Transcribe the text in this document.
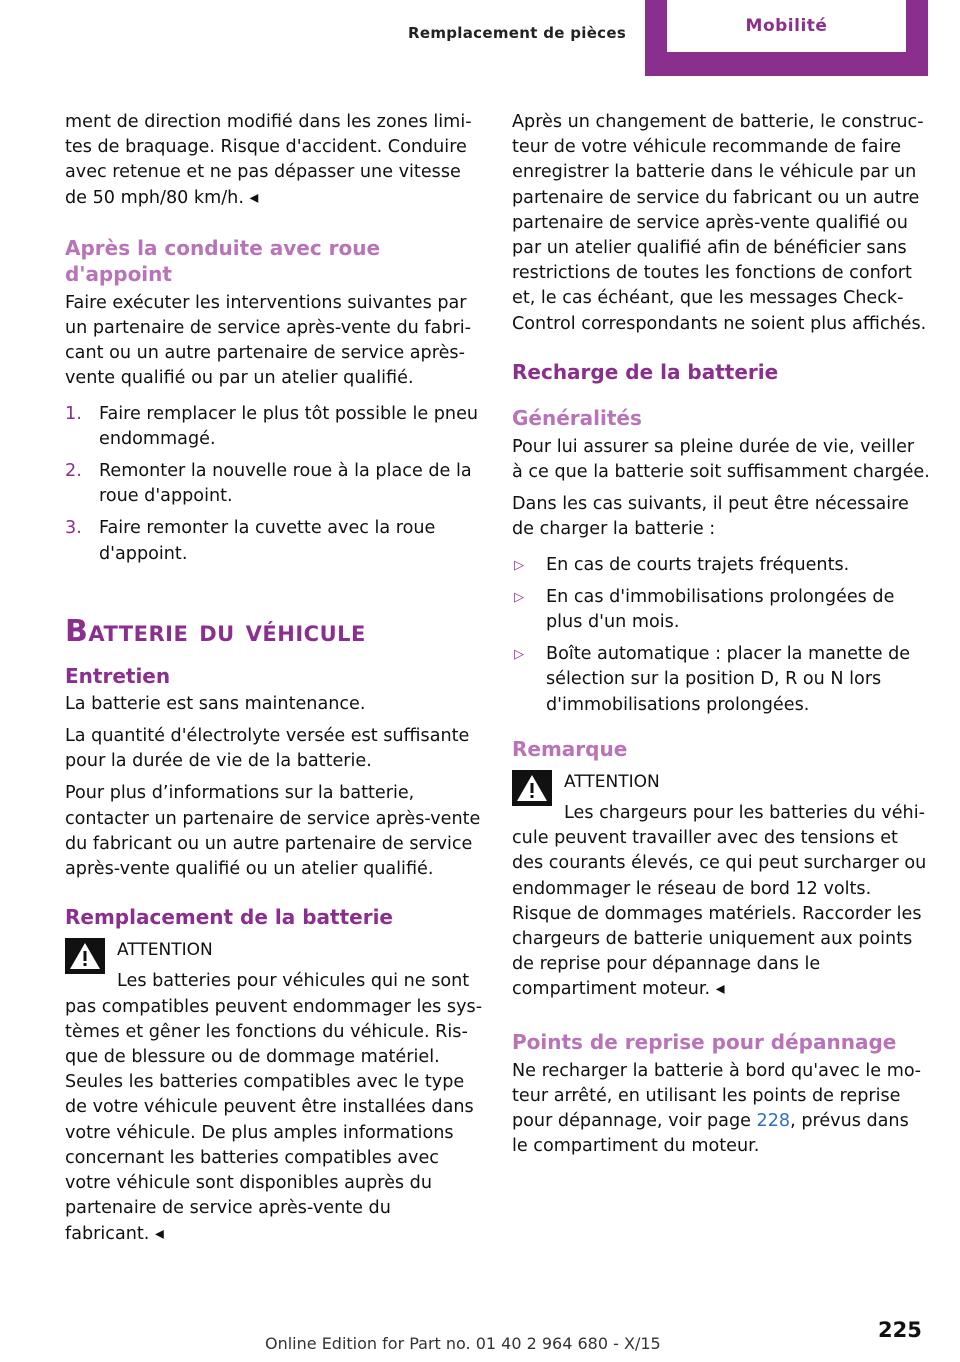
Remplacement de pièces	Mobilité

ment de direction modifié dans les zones limites de braquage. Risque d'accident. Conduire avec retenue et ne pas dépasser une vitesse de 50 mph/80 km/h. ◂

Après la conduite avec roue d'appoint

Faire exécuter les interventions suivantes par un partenaire de service après-vente du fabricant ou un autre partenaire de service après-vente qualifié ou par un atelier qualifié.

1. Faire remplacer le plus tôt possible le pneu endommagé.
2. Remonter la nouvelle roue à la place de la roue d'appoint.
3. Faire remonter la cuvette avec la roue d'appoint.
Batterie du véhicule
Entretien

La batterie est sans maintenance.

La quantité d'électrolyte versée est suffisante pour la durée de vie de la batterie.

Pour plus d’informations sur la batterie, contacter un partenaire de service après-vente du fabricant ou un autre partenaire de service après-vente qualifié ou un atelier qualifié.

Remplacement de la batterie
ATTENTION
Les batteries pour véhicules qui ne sont pas compatibles peuvent endommager les systèmes et gêner les fonctions du véhicule. Risque de blessure ou de dommage matériel. Seules les batteries compatibles avec le type de votre véhicule peuvent être installées dans votre véhicule. De plus amples informations concernant les batteries compatibles avec votre véhicule sont disponibles auprès du partenaire de service après-vente du fabricant. ◂

Après un changement de batterie, le constructeur de votre véhicule recommande de faire enregistrer la batterie dans le véhicule par un partenaire de service du fabricant ou un autre partenaire de service après-vente qualifié ou par un atelier qualifié afin de bénéficier sans restrictions de toutes les fonctions de confort et, le cas échéant, que les messages Check-Control correspondants ne soient plus affichés.

Recharge de la batterie
Généralités

Pour lui assurer sa pleine durée de vie, veiller à ce que la batterie soit suffisamment chargée.

Dans les cas suivants, il peut être nécessaire de charger la batterie :

▷ En cas de courts trajets fréquents.
▷ En cas d'immobilisations prolongées de plus d'un mois.
▷ Boîte automatique : placer la manette de sélection sur la position D, R ou N lors d'immobilisations prolongées.
Remarque
ATTENTION
Les chargeurs pour les batteries du véhicule peuvent travailler avec des tensions et des courants élevés, ce qui peut surcharger ou endommager le réseau de bord 12 volts. Risque de dommages matériels. Raccorder les chargeurs de batterie uniquement aux points de reprise pour dépannage dans le compartiment moteur. ◂
Points de reprise pour dépannage

Ne recharger la batterie à bord qu'avec le moteur arrêté, en utilisant les points de reprise pour dépannage, voir page 228, prévus dans le compartiment du moteur.

225
Online Edition for Part no. 01 40 2 964 680 - X/15
